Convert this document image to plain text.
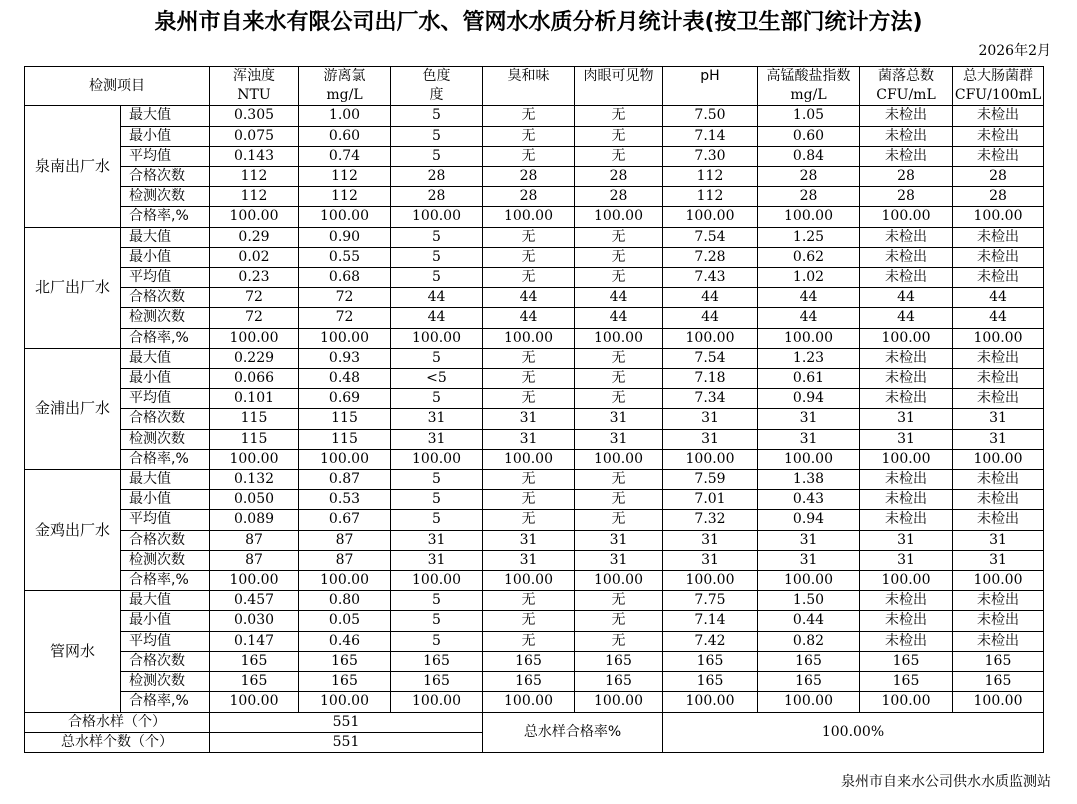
泉州市自来水有限公司出厂水、管网水水质分析月统计表(按卫生部门统计方法)
2026年2月
检测项目		浑浊度	游离氯	色度	臭和味	肉眼可见物	pH	高锰酸盐指数	菌落总数	总大肠菌群
		NTU	mg/L	度				mg/L	CFU/mL	CFU/100mL
泉南出厂水	最大值	0.305	1.00	5	无	无	7.50	1.05	未检出	未检出
	最小值	0.075	0.60	5	无	无	7.14	0.60	未检出	未检出
	平均值	0.143	0.74	5	无	无	7.30	0.84	未检出	未检出
	合格次数	112	112	28	28	28	112	28	28	28
	检测次数	112	112	28	28	28	112	28	28	28
	合格率,%	100.00	100.00	100.00	100.00	100.00	100.00	100.00	100.00	100.00
北厂出厂水	最大值	0.29	0.90	5	无	无	7.54	1.25	未检出	未检出
	最小值	0.02	0.55	5	无	无	7.28	0.62	未检出	未检出
	平均值	0.23	0.68	5	无	无	7.43	1.02	未检出	未检出
	合格次数	72	72	44	44	44	44	44	44	44
	检测次数	72	72	44	44	44	44	44	44	44
	合格率,%	100.00	100.00	100.00	100.00	100.00	100.00	100.00	100.00	100.00
金浦出厂水	最大值	0.229	0.93	5	无	无	7.54	1.23	未检出	未检出
	最小值	0.066	0.48	<5	无	无	7.18	0.61	未检出	未检出
	平均值	0.101	0.69	5	无	无	7.34	0.94	未检出	未检出
	合格次数	115	115	31	31	31	31	31	31	31
	检测次数	115	115	31	31	31	31	31	31	31
	合格率,%	100.00	100.00	100.00	100.00	100.00	100.00	100.00	100.00	100.00
金鸡出厂水	最大值	0.132	0.87	5	无	无	7.59	1.38	未检出	未检出
	最小值	0.050	0.53	5	无	无	7.01	0.43	未检出	未检出
	平均值	0.089	0.67	5	无	无	7.32	0.94	未检出	未检出
	合格次数	87	87	31	31	31	31	31	31	31
	检测次数	87	87	31	31	31	31	31	31	31
	合格率,%	100.00	100.00	100.00	100.00	100.00	100.00	100.00	100.00	100.00
管网水	最大值	0.457	0.80	5	无	无	7.75	1.50	未检出	未检出
	最小值	0.030	0.05	5	无	无	7.14	0.44	未检出	未检出
	平均值	0.147	0.46	5	无	无	7.42	0.82	未检出	未检出
	合格次数	165	165	165	165	165	165	165	165	165
	检测次数	165	165	165	165	165	165	165	165	165
	合格率,%	100.00	100.00	100.00	100.00	100.00	100.00	100.00	100.00	100.00
合格水样（个）		551			总水样合格率%		100.00%			
总水样个数（个）		551								
泉州市自来水公司供水水质监测站
